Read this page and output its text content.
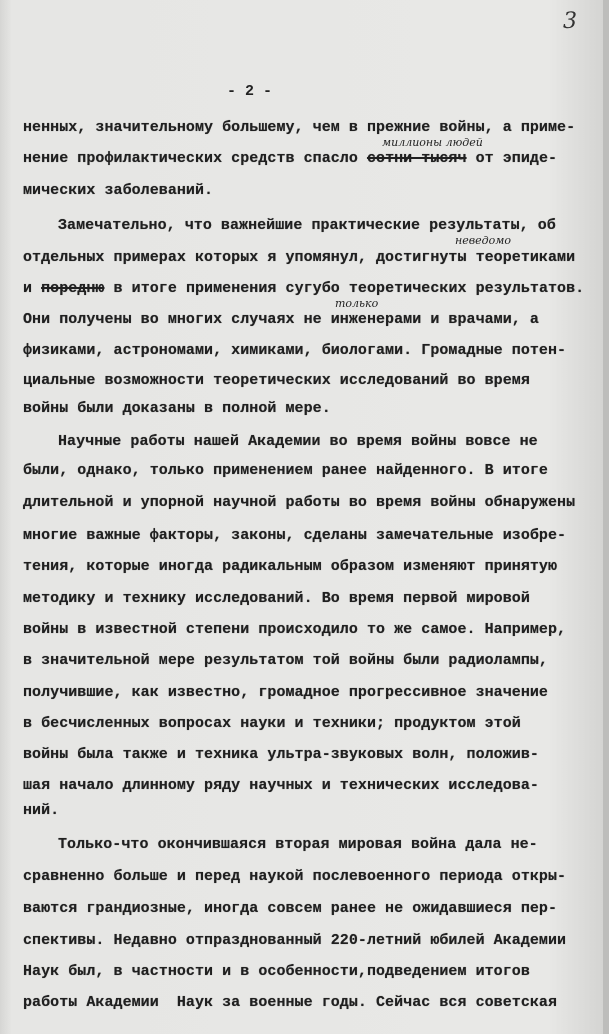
3
- 2 -
миллионы людей
неведомо
только
ненных, значительному большему, чем в прежние войны, а приме-
нение профилактических средств спасло сотни тысяч от эпиде-
мических заболеваний.
Замечательно, что важнейшие практические результаты, об
отдельных примерах которых я упомянул, достигнуты теоретиками
и поредню в итоге применения сугубо теоретических результатов.
Они получены во многих случаях не инженерами и врачами, а
физиками, астрономами, химиками, биологами. Громадные потен-
циальные возможности теоретических исследований во время
войны были доказаны в полной мере.
Научные работы нашей Академии во время войны вовсе не
были, однако, только применением ранее найденного. В итоге
длительной и упорной научной работы во время войны обнаружены
многие важные факторы, законы, сделаны замечательные изобре-
тения, которые иногда радикальным образом изменяют принятую
методику и технику исследований. Во время первой мировой
войны в известной степени происходило то же самое. Например,
в значительной мере результатом той войны были радиолампы,
получившие, как известно, громадное прогрессивное значение
в бесчисленных вопросах науки и техники; продуктом этой
войны была также и техника ультра-звуковых волн, положив-
шая начало длинному ряду научных и технических исследова-
ний.
Только-что окончившаяся вторая мировая война дала не-
сравненно больше и перед наукой послевоенного периода откры-
ваются грандиозные, иногда совсем ранее не ожидавшиеся пер-
спективы. Недавно отпразднованный 220-летний юбилей Академии
Наук был, в частности и в особенности,подведением итогов
работы Академии  Наук за военные годы. Сейчас вся советская
